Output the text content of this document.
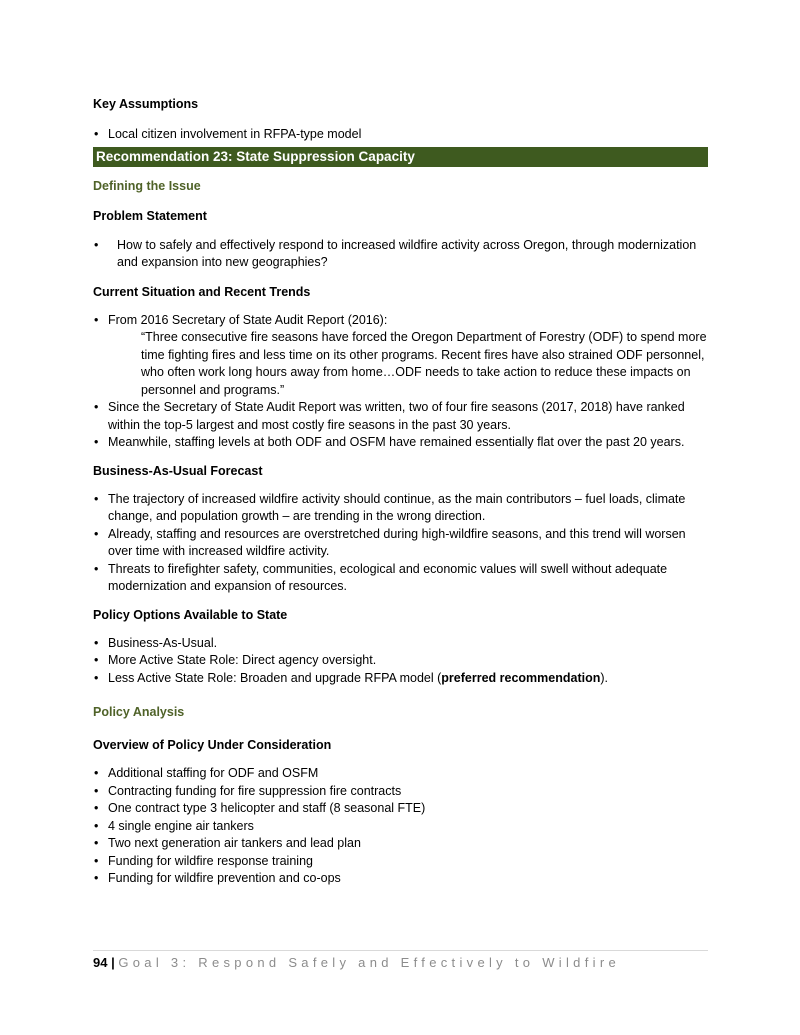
Key Assumptions

• Local citizen involvement in RFPA-type model
Recommendation 23: State Suppression Capacity

Defining the Issue

Problem Statement

• How to safely and effectively respond to increased wildfire activity across Oregon, through modernization and expansion into new geographies?

Current Situation and Recent Trends

• From 2016 Secretary of State Audit Report (2016):
“Three consecutive fire seasons have forced the Oregon Department of Forestry (ODF) to spend more time fighting fires and less time on its other programs. Recent fires have also strained ODF personnel, who often work long hours away from home…ODF needs to take action to reduce these impacts on personnel and programs.”
• Since the Secretary of State Audit Report was written, two of four fire seasons (2017, 2018) have ranked within the top-5 largest and most costly fire seasons in the past 30 years.
• Meanwhile, staffing levels at both ODF and OSFM have remained essentially flat over the past 20 years.

Business-As-Usual Forecast

• The trajectory of increased wildfire activity should continue, as the main contributors – fuel loads, climate change, and population growth – are trending in the wrong direction.
• Already, staffing and resources are overstretched during high-wildfire seasons, and this trend will worsen over time with increased wildfire activity.
• Threats to firefighter safety, communities, ecological and economic values will swell without adequate modernization and expansion of resources.

Policy Options Available to State

• Business-As-Usual.
• More Active State Role: Direct agency oversight.
• Less Active State Role: Broaden and upgrade RFPA model (preferred recommendation).

Policy Analysis

Overview of Policy Under Consideration

• Additional staffing for ODF and OSFM
• Contracting funding for fire suppression fire contracts
• One contract type 3 helicopter and staff (8 seasonal FTE)
• 4 single engine air tankers
• Two next generation air tankers and lead plan
• Funding for wildfire response training
• Funding for wildfire prevention and co-ops
94 | Goal 3: Respond Safely and Effectively to Wildfire
